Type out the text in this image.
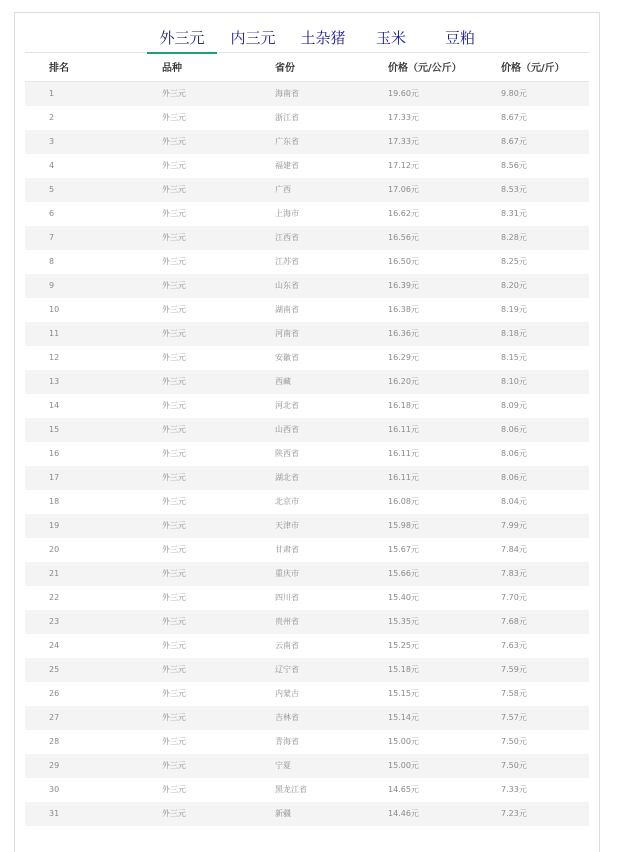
外三元	内三元 土杂猪 玉米	豆粕
排名	品种	省份	价格（元/公斤）	价格（元/斤）
1	外三元	海南省	19.60元	9.80元
2	外三元	浙江省	17.33元	8.67元
3	外三元	广东省	17.33元	8.67元
4	外三元	福建省	17.12元	8.56元
5	外三元	广西	17.06元	8.53元
6	外三元	上海市	16.62元	8.31元
7	外三元	江西省	16.56元	8.28元
8	外三元	江苏省	16.50元	8.25元
9	外三元	山东省	16.39元	8.20元
10	外三元	湖南省	16.38元	8.19元
11	外三元	河南省	16.36元	8.18元
12	外三元	安徽省	16.29元	8.15元
13	外三元	西藏	16.20元	8.10元
14	外三元	河北省	16.18元	8.09元
15	外三元	山西省	16.11元	8.06元
16	外三元	陕西省	16.11元	8.06元
17	外三元	湖北省	16.11元	8.06元
18	外三元	北京市	16.08元	8.04元
19	外三元	天津市	15.98元	7.99元
20	外三元	甘肃省	15.67元	7.84元
21	外三元	重庆市	15.66元	7.83元
22	外三元	四川省	15.40元	7.70元
23	外三元	贵州省	15.35元	7.68元
24	外三元	云南省	15.25元	7.63元
25	外三元	辽宁省	15.18元	7.59元
26	外三元	内蒙古	15.15元	7.58元
27	外三元	吉林省	15.14元	7.57元
28	外三元	青海省	15.00元	7.50元
29	外三元	宁夏	15.00元	7.50元
30	外三元	黑龙江省	14.65元	7.33元
31	外三元	新疆	14.46元	7.23元
